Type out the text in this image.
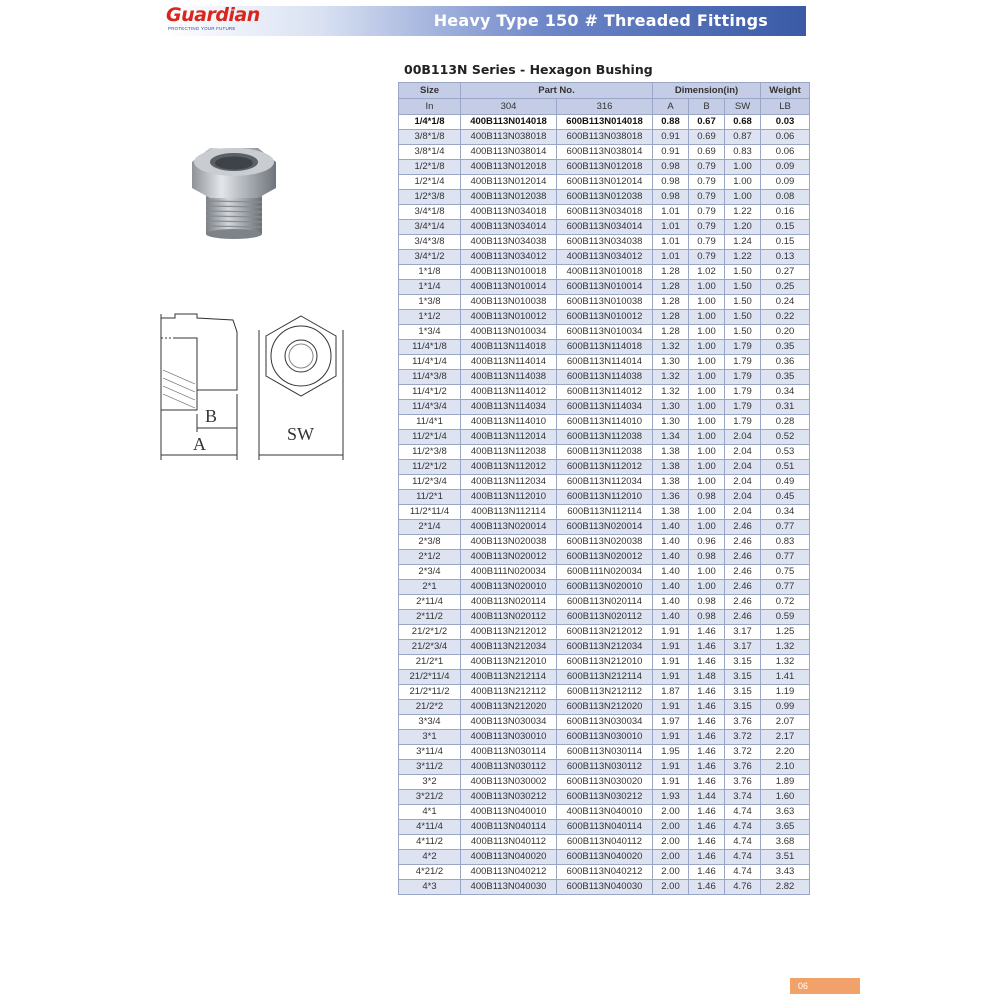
Heavy Type 150 # Threaded Fittings
Guardian
PROTECTING YOUR FUTURE
00B113N Series - Hexagon Bushing
B
A	SW
Size	Part No.		Dimension(in)			Weight
In	304	316	A	B	SW	LB
1/4*1/8	400B113N014018	600B113N014018	0.88	0.67	0.68	0.03
3/8*1/8	400B113N038018	600B113N038018	0.91	0.69	0.87	0.06
3/8*1/4	400B113N038014	600B113N038014	0.91	0.69	0.83	0.06
1/2*1/8	400B113N012018	600B113N012018	0.98	0.79	1.00	0.09
1/2*1/4	400B113N012014	600B113N012014	0.98	0.79	1.00	0.09
1/2*3/8	400B113N012038	600B113N012038	0.98	0.79	1.00	0.08
3/4*1/8	400B113N034018	600B113N034018	1.01	0.79	1.22	0.16
3/4*1/4	400B113N034014	600B113N034014	1.01	0.79	1.20	0.15
3/4*3/8	400B113N034038	600B113N034038	1.01	0.79	1.24	0.15
3/4*1/2	400B113N034012	400B113N034012	1.01	0.79	1.22	0.13
1*1/8	400B113N010018	400B113N010018	1.28	1.02	1.50	0.27
1*1/4	400B113N010014	600B113N010014	1.28	1.00	1.50	0.25
1*3/8	400B113N010038	600B113N010038	1.28	1.00	1.50	0.24
1*1/2	400B113N010012	600B113N010012	1.28	1.00	1.50	0.22
1*3/4	400B113N010034	600B113N010034	1.28	1.00	1.50	0.20
11/4*1/8	400B113N114018	600B113N114018	1.32	1.00	1.79	0.35
11/4*1/4	400B113N114014	600B113N114014	1.30	1.00	1.79	0.36
11/4*3/8	400B113N114038	600B113N114038	1.32	1.00	1.79	0.35
11/4*1/2	400B113N114012	600B113N114012	1.32	1.00	1.79	0.34
11/4*3/4	400B113N114034	600B113N114034	1.30	1.00	1.79	0.31
11/4*1	400B113N114010	600B113N114010	1.30	1.00	1.79	0.28
11/2*1/4	400B113N112014	600B113N112038	1.34	1.00	2.04	0.52
11/2*3/8	400B113N112038	600B113N112038	1.38	1.00	2.04	0.53
11/2*1/2	400B113N112012	600B113N112012	1.38	1.00	2.04	0.51
11/2*3/4	400B113N112034	600B113N112034	1.38	1.00	2.04	0.49
11/2*1	400B113N112010	600B113N112010	1.36	0.98	2.04	0.45
11/2*11/4	400B113N112114	600B113N112114	1.38	1.00	2.04	0.34
2*1/4	400B113N020014	600B113N020014	1.40	1.00	2.46	0.77
2*3/8	400B113N020038	600B113N020038	1.40	0.96	2.46	0.83
2*1/2	400B113N020012	600B113N020012	1.40	0.98	2.46	0.77
2*3/4	400B111N020034	600B111N020034	1.40	1.00	2.46	0.75
2*1	400B113N020010	600B113N020010	1.40	1.00	2.46	0.77
2*11/4	400B113N020114	600B113N020114	1.40	0.98	2.46	0.72
2*11/2	400B113N020112	600B113N020112	1.40	0.98	2.46	0.59
21/2*1/2	400B113N212012	600B113N212012	1.91	1.46	3.17	1.25
21/2*3/4	400B113N212034	600B113N212034	1.91	1.46	3.17	1.32
21/2*1	400B113N212010	600B113N212010	1.91	1.46	3.15	1.32
21/2*11/4	400B113N212114	600B113N212114	1.91	1.48	3.15	1.41
21/2*11/2	400B113N212112	600B113N212112	1.87	1.46	3.15	1.19
21/2*2	400B113N212020	600B113N212020	1.91	1.46	3.15	0.99
3*3/4	400B113N030034	600B113N030034	1.97	1.46	3.76	2.07
3*1	400B113N030010	600B113N030010	1.91	1.46	3.72	2.17
3*11/4	400B113N030114	600B113N030114	1.95	1.46	3.72	2.20
3*11/2	400B113N030112	600B113N030112	1.91	1.46	3.76	2.10
3*2	400B113N030002	600B113N030020	1.91	1.46	3.76	1.89
3*21/2	400B113N030212	600B113N030212	1.93	1.44	3.74	1.60
4*1	400B113N040010	400B113N040010	2.00	1.46	4.74	3.63
4*11/4	400B113N040114	600B113N040114	2.00	1.46	4.74	3.65
4*11/2	400B113N040112	600B113N040112	2.00	1.46	4.74	3.68
4*2	400B113N040020	600B113N040020	2.00	1.46	4.74	3.51
4*21/2	400B113N040212	600B113N040212	2.00	1.46	4.74	3.43
4*3	400B113N040030	600B113N040030	2.00	1.46	4.76	2.82
06
